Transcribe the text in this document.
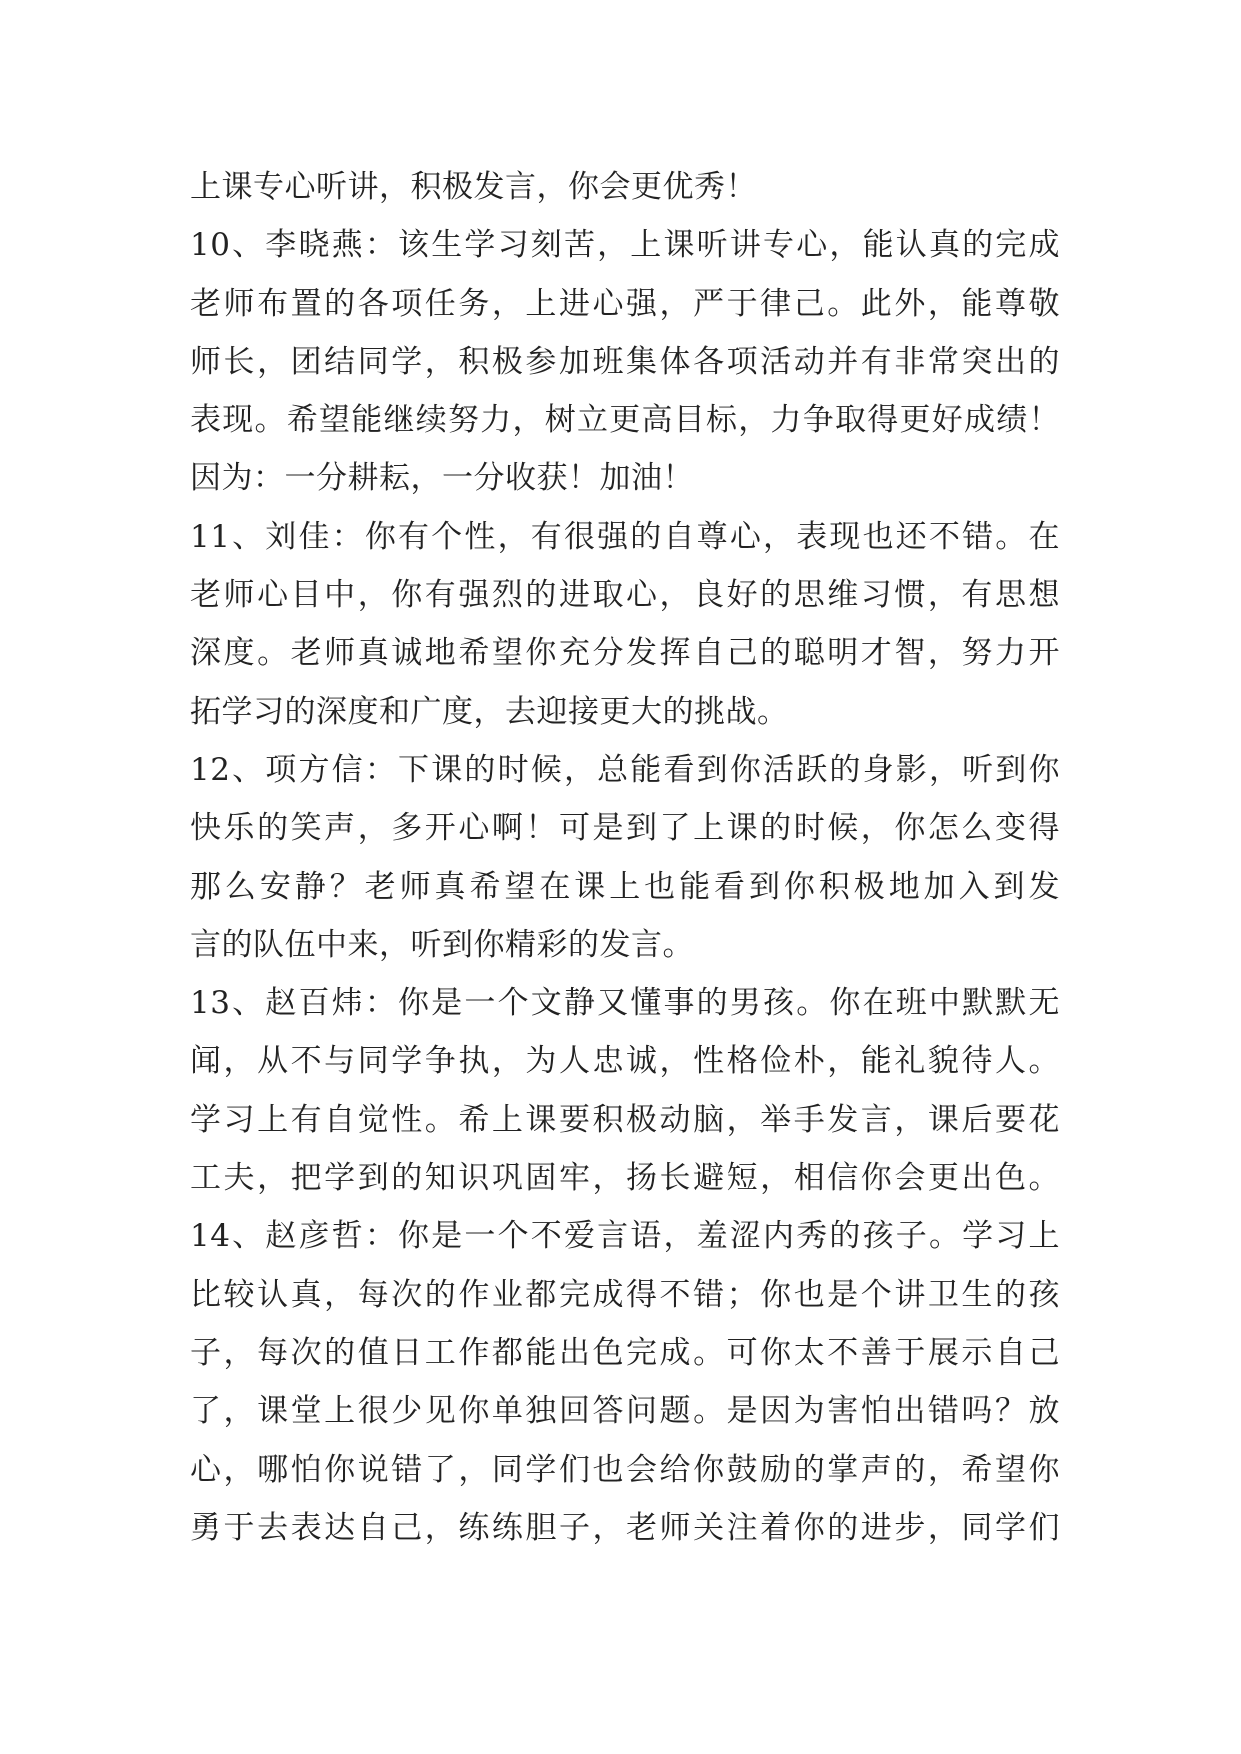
上课专心听讲，积极发言，你会更优秀！
10、李晓燕：该生学习刻苦，上课听讲专心，能认真的完成
老师布置的各项任务，上进心强，严于律己。此外，能尊敬
师长，团结同学，积极参加班集体各项活动并有非常突出的
表现。希望能继续努力，树立更高目标，力争取得更好成绩！
因为：一分耕耘，一分收获！加油！
11、刘佳：你有个性，有很强的自尊心，表现也还不错。在
老师心目中，你有强烈的进取心，良好的思维习惯，有思想
深度。老师真诚地希望你充分发挥自己的聪明才智，努力开
拓学习的深度和广度，去迎接更大的挑战。
12、项方信：下课的时候，总能看到你活跃的身影，听到你
快乐的笑声，多开心啊！可是到了上课的时候，你怎么变得
那么安静？老师真希望在课上也能看到你积极地加入到发
言的队伍中来，听到你精彩的发言。
13、赵百炜：你是一个文静又懂事的男孩。你在班中默默无
闻，从不与同学争执，为人忠诚，性格俭朴，能礼貌待人。
学习上有自觉性。希上课要积极动脑，举手发言，课后要花
工夫，把学到的知识巩固牢，扬长避短，相信你会更出色。
14、赵彦哲：你是一个不爱言语，羞涩内秀的孩子。学习上
比较认真，每次的作业都完成得不错；你也是个讲卫生的孩
子，每次的值日工作都能出色完成。可你太不善于展示自己
了，课堂上很少见你单独回答问题。是因为害怕出错吗？放
心，哪怕你说错了，同学们也会给你鼓励的掌声的，希望你
勇于去表达自己，练练胆子，老师关注着你的进步，同学们
